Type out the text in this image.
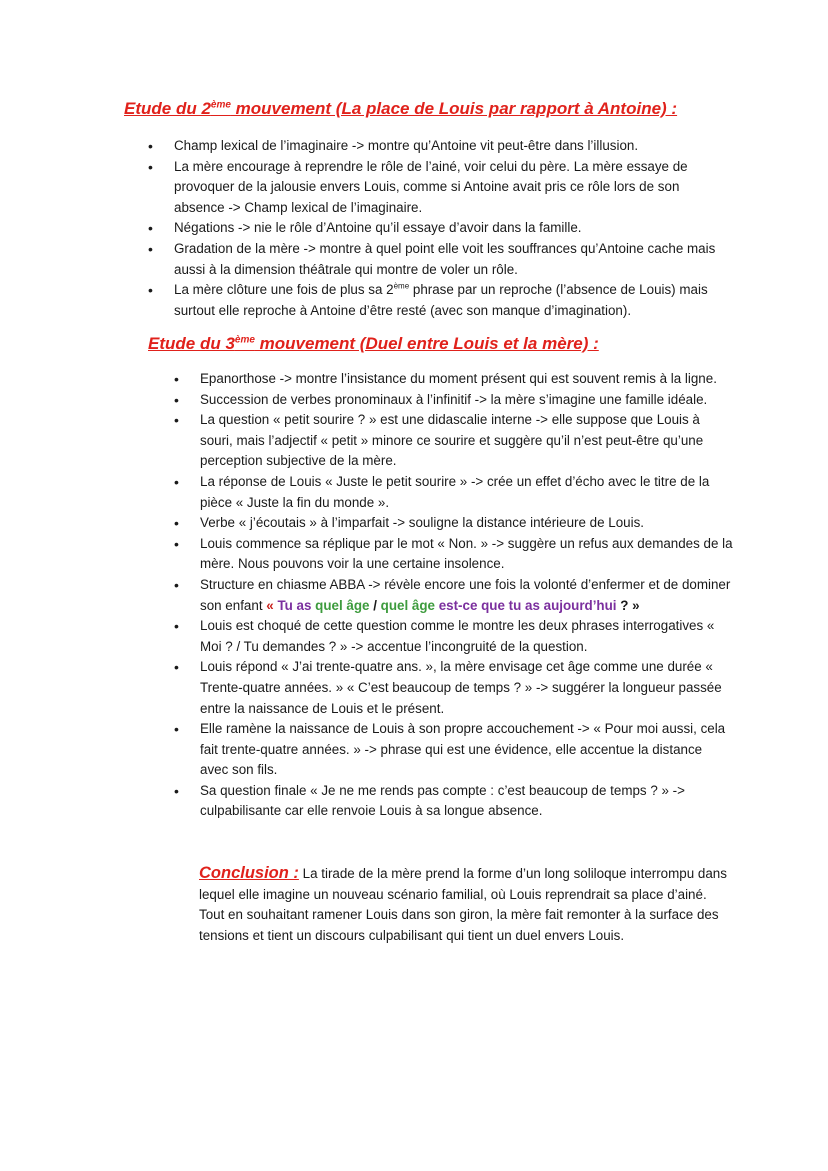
Etude du 2ème mouvement (La place de Louis par rapport à Antoine) :
• Champ lexical de l’imaginaire -> montre qu’Antoine vit peut-être dans l’illusion.
• La mère encourage à reprendre le rôle de l’ainé, voir celui du père. La mère essaye de provoquer de la jalousie envers Louis, comme si Antoine avait pris ce rôle lors de son absence -> Champ lexical de l’imaginaire.
• Négations -> nie le rôle d’Antoine qu’il essaye d’avoir dans la famille.
• Gradation de la mère -> montre à quel point elle voit les souffrances qu’Antoine cache mais aussi à la dimension théâtrale qui montre de voler un rôle.
• La mère clôture une fois de plus sa 2ème phrase par un reproche (l’absence de Louis) mais surtout elle reproche à Antoine d’être resté (avec son manque d’imagination).
Etude du 3ème mouvement (Duel entre Louis et la mère) :
• Epanorthose -> montre l’insistance du moment présent qui est souvent remis à la ligne.
• Succession de verbes pronominaux à l’infinitif -> la mère s’imagine une famille idéale.
• La question « petit sourire ? » est une didascalie interne -> elle suppose que Louis à souri, mais l’adjectif « petit » minore ce sourire et suggère qu’il n’est peut-être qu’une perception subjective de la mère.
• La réponse de Louis « Juste le petit sourire » -> crée un effet d’écho avec le titre de la pièce « Juste la fin du monde ».
• Verbe « j’écoutais » à l’imparfait -> souligne la distance intérieure de Louis.
• Louis commence sa réplique par le mot « Non. » -> suggère un refus aux demandes de la mère. Nous pouvons voir la une certaine insolence.
• Structure en chiasme ABBA -> révèle encore une fois la volonté d’enfermer et de dominer son enfant « Tu as quel âge / quel âge est-ce que tu as aujourd’hui ? »
• Louis est choqué de cette question comme le montre les deux phrases interrogatives « Moi ? / Tu demandes ? » -> accentue l’incongruité de la question.
• Louis répond « J’ai trente-quatre ans. », la mère envisage cet âge comme une durée « Trente-quatre années. » « C’est beaucoup de temps ? » -> suggérer la longueur passée entre la naissance de Louis et le présent.
• Elle ramène la naissance de Louis à son propre accouchement -> « Pour moi aussi, cela fait trente-quatre années. » -> phrase qui est une évidence, elle accentue la distance avec son fils.
• Sa question finale « Je ne me rends pas compte : c’est beaucoup de temps ? » -> culpabilisante car elle renvoie Louis à sa longue absence.
Conclusion : La tirade de la mère prend la forme d’un long soliloque interrompu dans lequel elle imagine un nouveau scénario familial, où Louis reprendrait sa place d’ainé. Tout en souhaitant ramener Louis dans son giron, la mère fait remonter à la surface des tensions et tient un discours culpabilisant qui tient un duel envers Louis.
